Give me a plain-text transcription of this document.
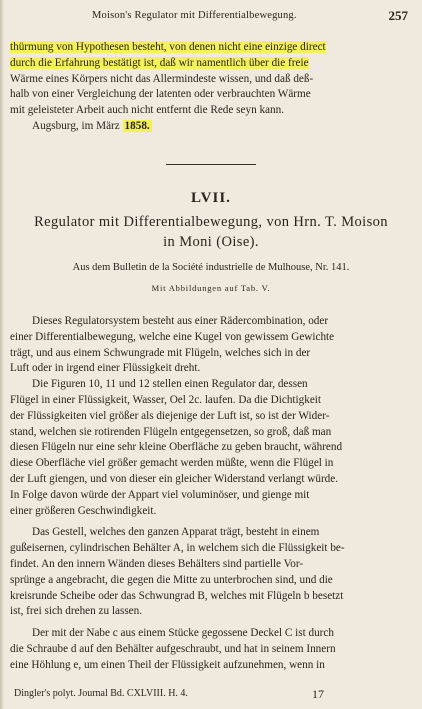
Moison's Regulator mit Differentialbewegung.	257
thürmung von Hypothesen besteht, von denen nicht eine einzige direct
durch die Erfahrung bestätigt ist, daß wir namentlich über die freie
Wärme eines Körpers nicht das Allermindeste wissen, und daß deß-
halb von einer Vergleichung der latenten oder verbrauchten Wärme
mit geleisteter Arbeit auch nicht entfernt die Rede seyn kann.
Augsburg, im März 1858.
LVII.
Regulator mit Differentialbewegung, von Hrn. T. Moison
in Moni (Oise).
Aus dem Bulletin de la Société industrielle de Mulhouse, Nr. 141.
Mit Abbildungen auf Tab. V.
Dieses Regulatorsystem besteht aus einer Rädercombination, oder
einer Differentialbewegung, welche eine Kugel von gewissem Gewichte
trägt, und aus einem Schwungrade mit Flügeln, welches sich in der
Luft oder in irgend einer Flüssigkeit dreht.
Die Figuren 10, 11 und 12 stellen einen Regulator dar, dessen
Flügel in einer Flüssigkeit, Wasser, Oel 2c. laufen. Da die Dichtigkeit
der Flüssigkeiten viel größer als diejenige der Luft ist, so ist der Wider-
stand, welchen sie rotirenden Flügeln entgegensetzen, so groß, daß man
diesen Flügeln nur eine sehr kleine Oberfläche zu geben braucht, während
diese Oberfläche viel größer gemacht werden müßte, wenn die Flügel in
der Luft giengen, und von dieser ein gleicher Widerstand verlangt würde.
In Folge davon würde der Appart viel voluminöser, und gienge mit
einer größeren Geschwindigkeit.
Das Gestell, welches den ganzen Apparat trägt, besteht in einem
gußeisernen, cylindrischen Behälter A, in welchem sich die Flüssigkeit be-
findet. An den innern Wänden dieses Behälters sind partielle Vor-
sprünge a angebracht, die gegen die Mitte zu unterbrochen sind, und die
kreisrunde Scheibe oder das Schwungrad B, welches mit Flügeln b besetzt
ist, frei sich drehen zu lassen.
Der mit der Nabe c aus einem Stücke gegossene Deckel C ist durch
die Schraube d auf den Behälter aufgeschraubt, und hat in seinem Innern
eine Höhlung e, um einen Theil der Flüssigkeit aufzunehmen, wenn in
Dingler's polyt. Journal Bd. CXLVIII. H. 4.	17
